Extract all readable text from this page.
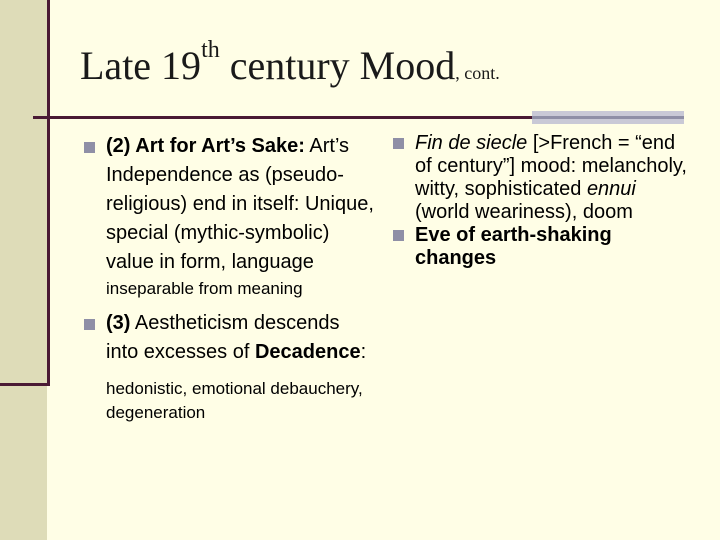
Late 19th century Mood, cont.
(2) Art for Art’s Sake: Art’s Independence as (pseudo-religious) end in itself: Unique, special (mythic-symbolic) value in form, language
inseparable from meaning
(3) Aestheticism descends into excesses of Decadence:
hedonistic, emotional debauchery, degeneration
Fin de siecle [>French = “end of century”] mood: melancholy, witty, sophisticated ennui (world weariness), doom
Eve of earth-shaking changes
